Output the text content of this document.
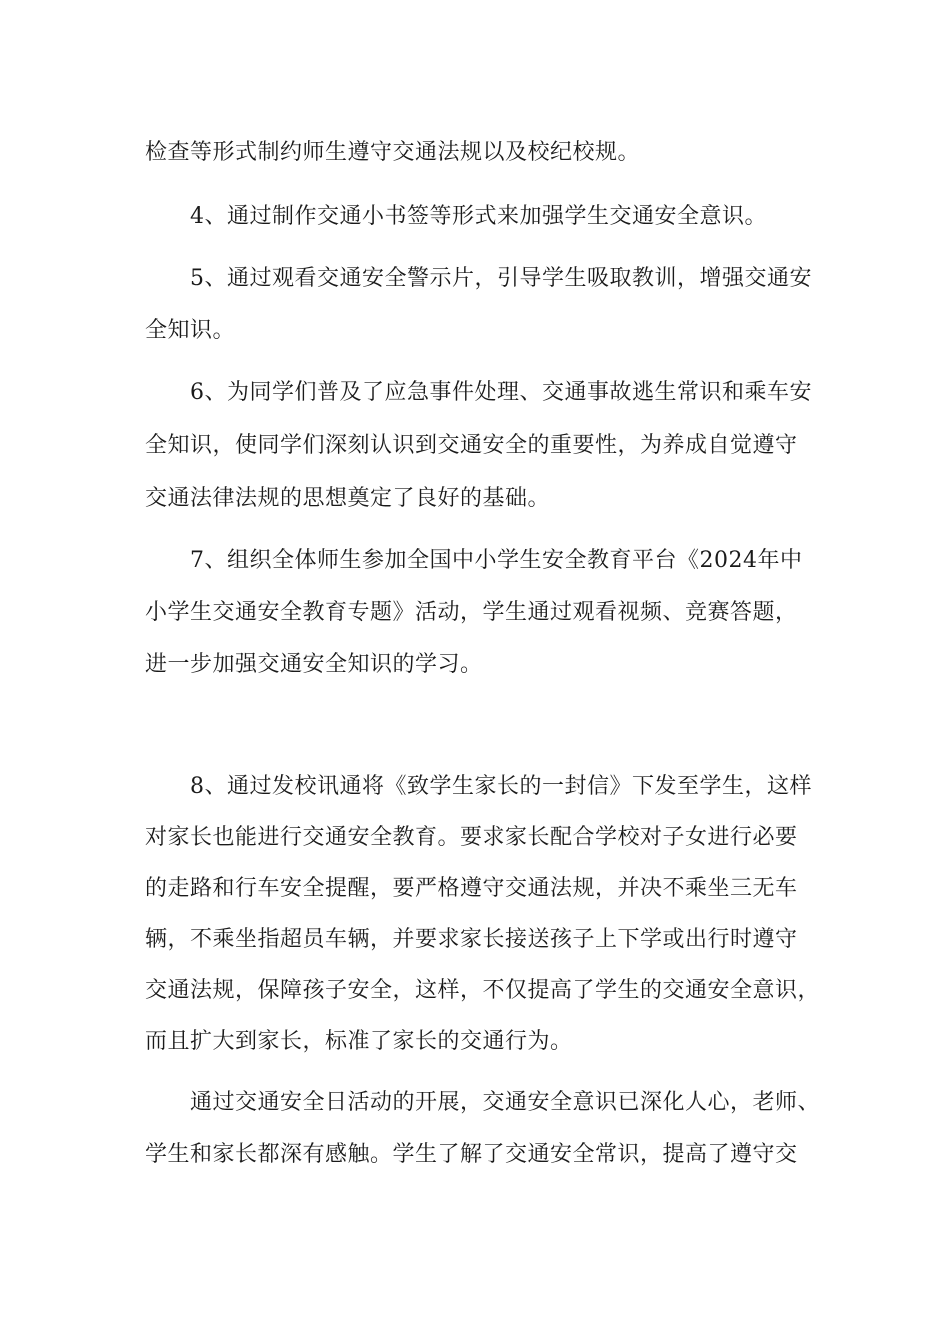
检查等形式制约师生遵守交通法规以及校纪校规。
4、通过制作交通小书签等形式来加强学生交通安全意识。
5、通过观看交通安全警示片，引导学生吸取教训，增强交通安
全知识。
6、为同学们普及了应急事件处理、交通事故逃生常识和乘车安
全知识，使同学们深刻认识到交通安全的重要性，为养成自觉遵守
交通法律法规的思想奠定了良好的基础。
7、组织全体师生参加全国中小学生安全教育平台《2024年中
小学生交通安全教育专题》活动，学生通过观看视频、竞赛答题，
进一步加强交通安全知识的学习。
8、通过发校讯通将《致学生家长的一封信》下发至学生，这样
对家长也能进行交通安全教育。要求家长配合学校对子女进行必要
的走路和行车安全提醒，要严格遵守交通法规，并决不乘坐三无车
辆，不乘坐指超员车辆，并要求家长接送孩子上下学或出行时遵守
交通法规，保障孩子安全，这样，不仅提高了学生的交通安全意识，
而且扩大到家长，标准了家长的交通行为。
通过交通安全日活动的开展，交通安全意识已深化人心，老师、
学生和家长都深有感触。学生了解了交通安全常识，提高了遵守交
